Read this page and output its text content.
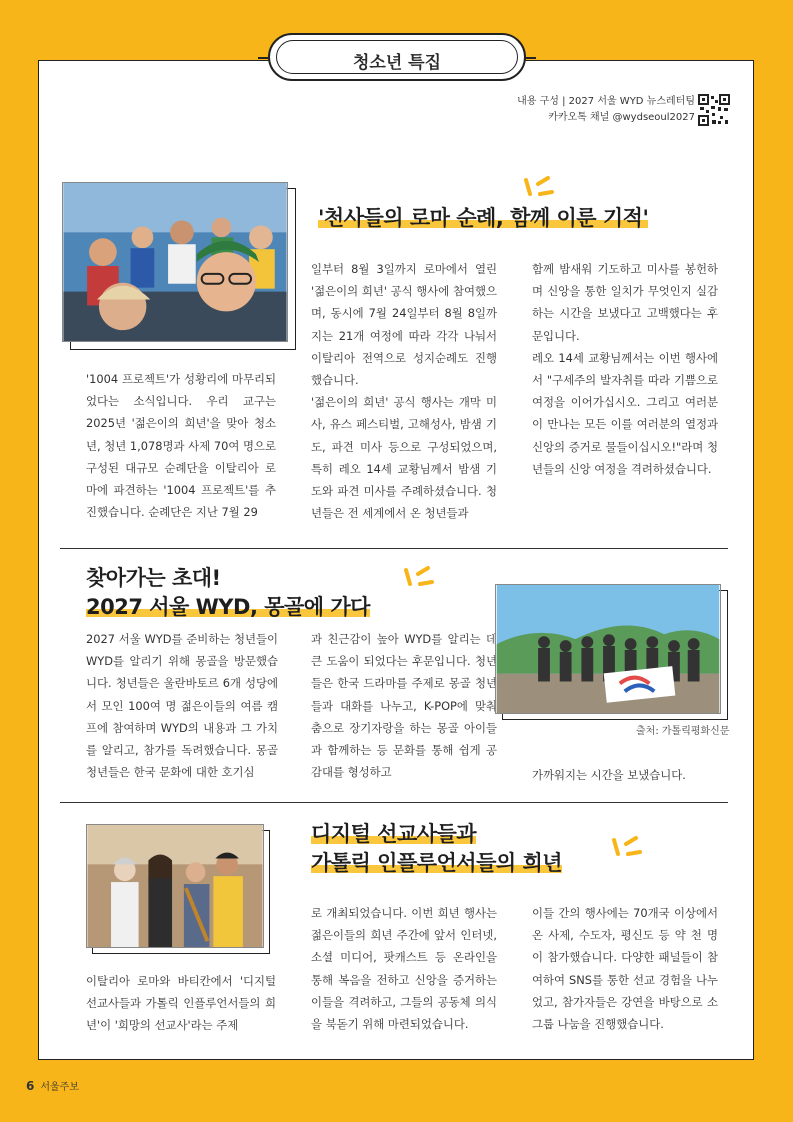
청소년 특집
내용 구성 | 2027 서울 WYD 뉴스레터팀
카카오톡 채널 @wydseoul2027
'천사들의 로마 순례, 함께 이룬 기적'

'1004 프로젝트'가 성황리에 마무리되었다는 소식입니다. 우리 교구는 2025년 '젊은이의 희년'을 맞아 청소년, 청년 1,078명과 사제 70여 명으로 구성된 대규모 순례단을 이탈리아 로마에 파견하는 '1004 프로젝트'를 추진했습니다. 순례단은 지난 7월 29

일부터 8월 3일까지 로마에서 열린 '젊은이의 희년' 공식 행사에 참여했으며, 동시에 7월 24일부터 8월 8일까지는 21개 여정에 따라 각각 나눠서 이탈리아 전역으로 성지순례도 진행했습니다.

'젊은이의 희년' 공식 행사는 개막 미사, 유스 페스티벌, 고해성사, 밤샘 기도, 파견 미사 등으로 구성되었으며, 특히 레오 14세 교황님께서 밤샘 기도와 파견 미사를 주례하셨습니다. 청년들은 전 세계에서 온 청년들과

함께 밤새워 기도하고 미사를 봉헌하며 신앙을 통한 일치가 무엇인지 실감하는 시간을 보냈다고 고백했다는 후문입니다.

레오 14세 교황님께서는 이번 행사에서 "구세주의 발자취를 따라 기쁨으로 여정을 이어가십시오. 그리고 여러분이 만나는 모든 이를 여러분의 열정과 신앙의 증거로 물들이십시오!"라며 청년들의 신앙 여정을 격려하셨습니다.

찾아가는 초대!
2027 서울 WYD, 몽골에 가다

2027 서울 WYD를 준비하는 청년들이 WYD를 알리기 위해 몽골을 방문했습니다. 청년들은 울란바토르 6개 성당에서 모인 100여 명 젊은이들의 여름 캠프에 참여하며 WYD의 내용과 그 가치를 알리고, 참가를 독려했습니다. 몽골 청년들은 한국 문화에 대한 호기심

과 친근감이 높아 WYD를 알리는 데 큰 도움이 되었다는 후문입니다. 청년들은 한국 드라마를 주제로 몽골 청년들과 대화를 나누고, K-POP에 맞춰 춤으로 장기자랑을 하는 몽골 아이들과 함께하는 등 문화를 통해 쉽게 공감대를 형성하고	가까워지는 시간을 보냈습니다.

출처: 가톨릭평화신문
디지털 선교사들과
가톨릭 인플루언서들의 희년

이탈리아 로마와 바티칸에서 '디지털 선교사들과 가톨릭 인플루언서들의 희년'이 '희망의 선교사'라는 주제

로 개최되었습니다. 이번 희년 행사는 젊은이들의 희년 주간에 앞서 인터넷, 소셜 미디어, 팟캐스트 등 온라인을 통해 복음을 전하고 신앙을 증거하는 이들을 격려하고, 그들의 공동체 의식을 북돋기 위해 마련되었습니다.

이들 간의 행사에는 70개국 이상에서 온 사제, 수도자, 평신도 등 약 천 명이 참가했습니다. 다양한 패널들이 참여하여 SNS를 통한 선교 경험을 나누었고, 참가자들은 강연을 바탕으로 소그룹 나눔을 진행했습니다.

6 서울주보
